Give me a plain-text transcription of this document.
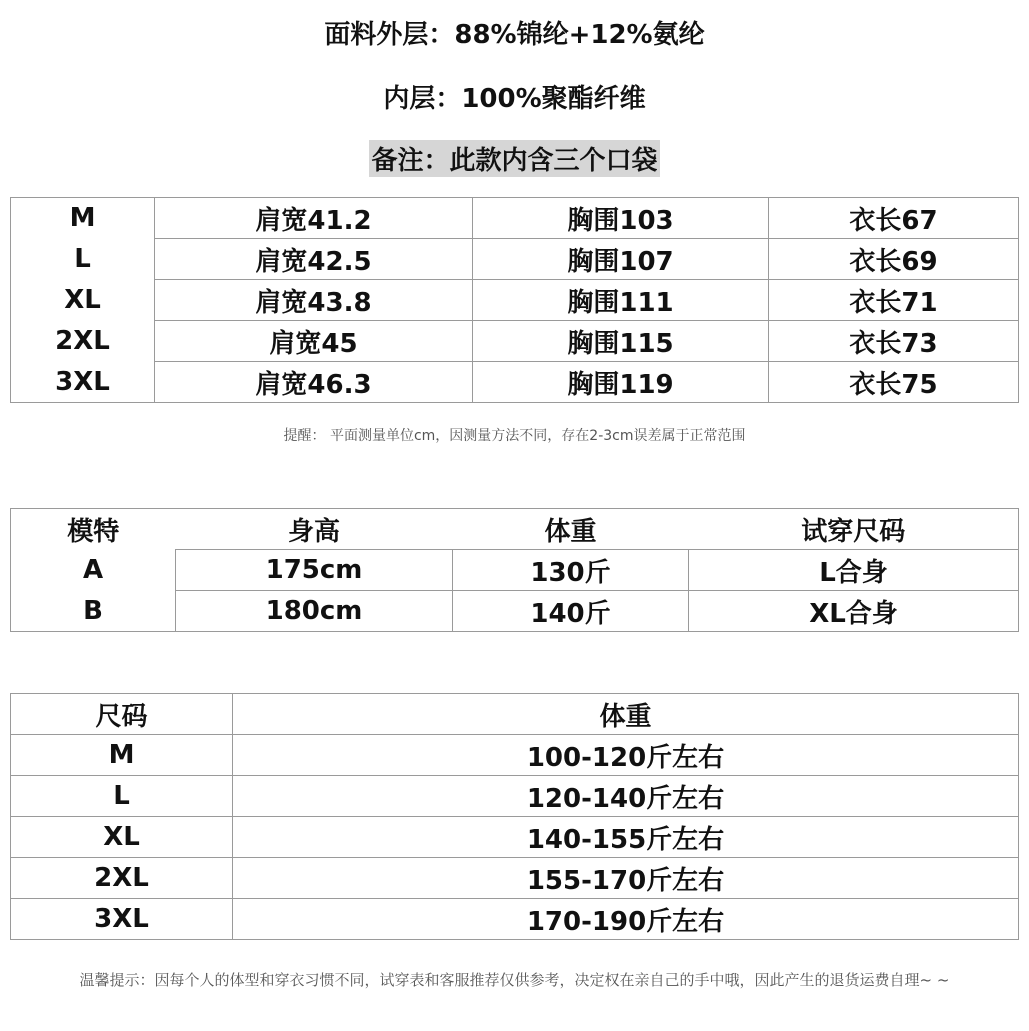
面料外层：88%锦纶+12%氨纶
内层：100%聚酯纤维
备注：此款内含三个口袋
M	肩宽41.2	胸围103	衣长67
L	肩宽42.5	胸围107	衣长69
XL	肩宽43.8	胸围111	衣长71
2XL	肩宽45	胸围115	衣长73
3XL	肩宽46.3	胸围119	衣长75
提醒： 平面测量单位cm，因测量方法不同，存在2-3cm误差属于正常范围
模特	身高	体重	试穿尺码
A	175cm	130斤	L合身
B	180cm	140斤	XL合身
尺码	体重
M	100-120斤左右
L	120-140斤左右
XL	140-155斤左右
2XL	155-170斤左右
3XL	170-190斤左右
温馨提示：因每个人的体型和穿衣习惯不同，试穿表和客服推荐仅供参考，决定权在亲自己的手中哦，因此产生的退货运费自理~ ~
